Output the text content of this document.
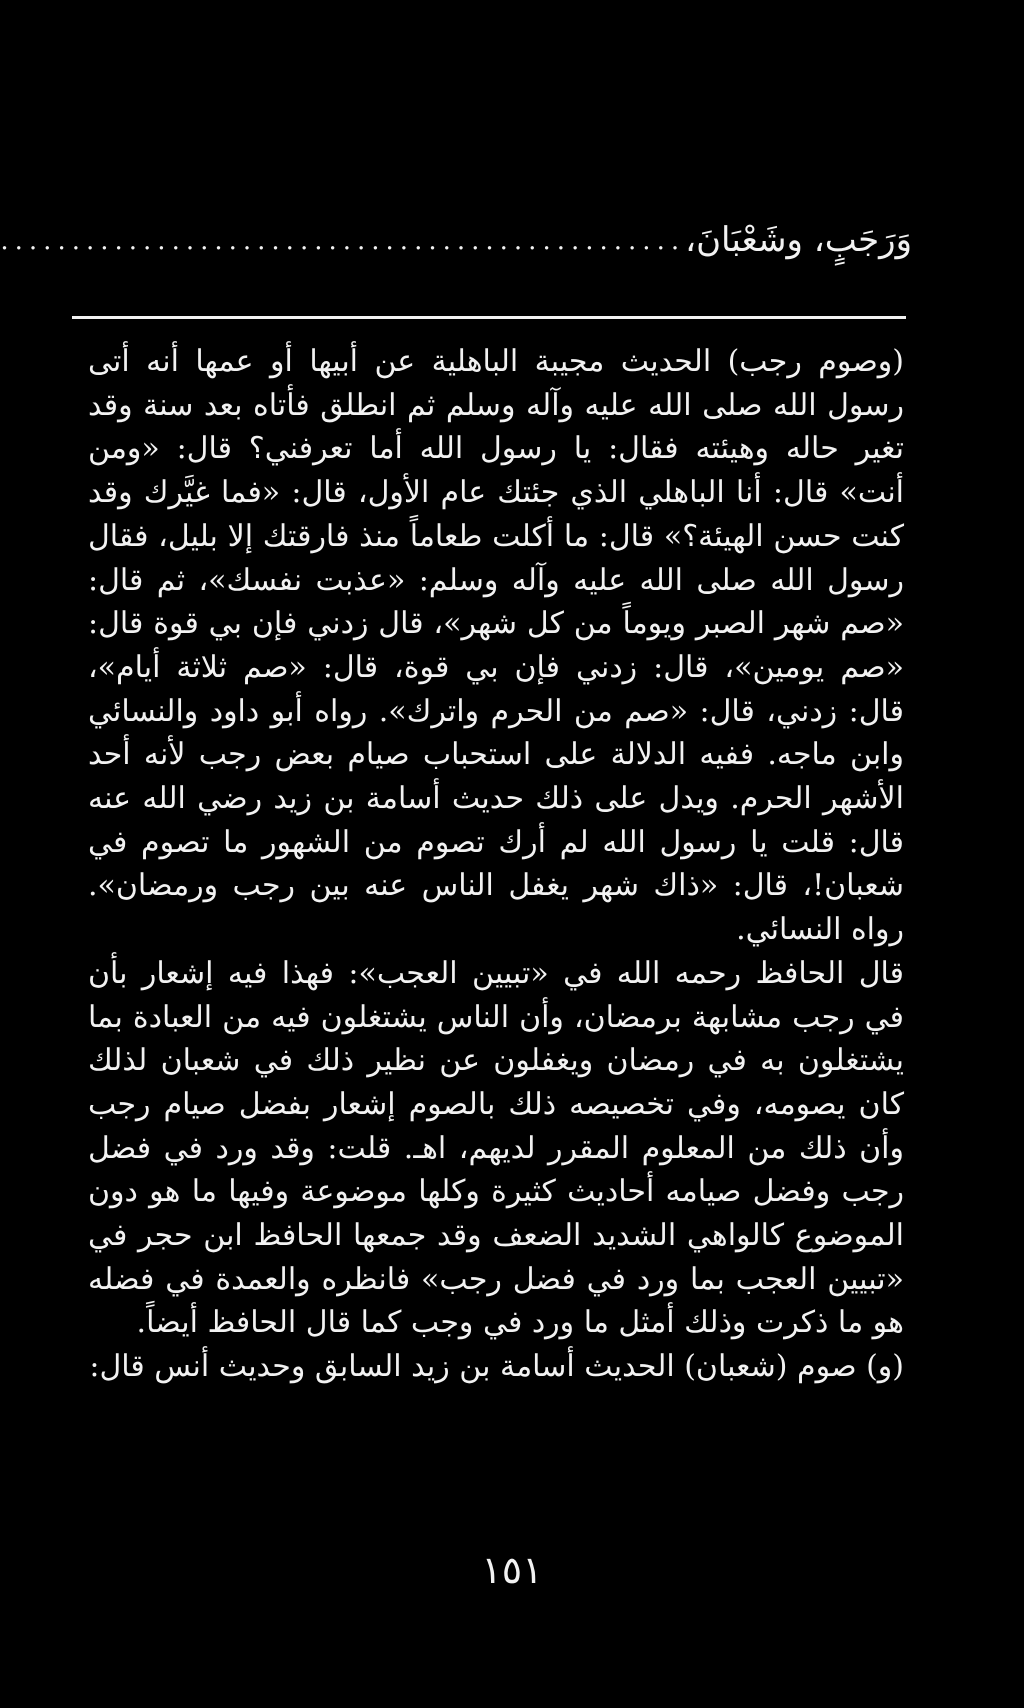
وَرَجَبٍ، وشَعْبَانَ،
................................................

(وصوم رجب) الحديث مجيبة الباهلية عن أبيها أو عمها أنه أتى رسول الله صلى الله عليه وآله وسلم ثم انطلق فأتاه بعد سنة وقد تغير حاله وهيئته فقال: يا رسول الله أما تعرفني؟ قال: «ومن أنت» قال: أنا الباهلي الذي جئتك عام الأول، قال: «فما غيَّرك وقد كنت حسن الهيئة؟» قال: ما أكلت طعاماً منذ فارقتك إلا بليل، فقال رسول الله صلى الله عليه وآله وسلم: «عذبت نفسك»، ثم قال: «صم شهر الصبر ويوماً من كل شهر»، قال زدني فإن بي قوة قال: «صم يومين»، قال: زدني فإن بي قوة، قال: «صم ثلاثة أيام»، قال: زدني، قال: «صم من الحرم واترك». رواه أبو داود والنسائي وابن ماجه. ففيه الدلالة على استحباب صيام بعض رجب لأنه أحد الأشهر الحرم. ويدل على ذلك حديث أسامة بن زيد رضي الله عنه قال: قلت يا رسول الله لم أرك تصوم من الشهور ما تصوم في شعبان!، قال: «ذاك شهر يغفل الناس عنه بين رجب ورمضان». رواه النسائي.

قال الحافظ رحمه الله في «تبيين العجب»: فهذا فيه إشعار بأن في رجب مشابهة برمضان، وأن الناس يشتغلون فيه من العبادة بما يشتغلون به في رمضان ويغفلون عن نظير ذلك في شعبان لذلك كان يصومه، وفي تخصيصه ذلك بالصوم إشعار بفضل صيام رجب وأن ذلك من المعلوم المقرر لديهم، اهـ. قلت: وقد ورد في فضل رجب وفضل صيامه أحاديث كثيرة وكلها موضوعة وفيها ما هو دون الموضوع كالواهي الشديد الضعف وقد جمعها الحافظ ابن حجر في «تبيين العجب بما ورد في فضل رجب» فانظره والعمدة في فضله هو ما ذكرت وذلك أمثل ما ورد في وجب كما قال الحافظ أيضاً.

(و) صوم (شعبان) الحديث أسامة بن زيد السابق وحديث أنس قال:

١٥١
